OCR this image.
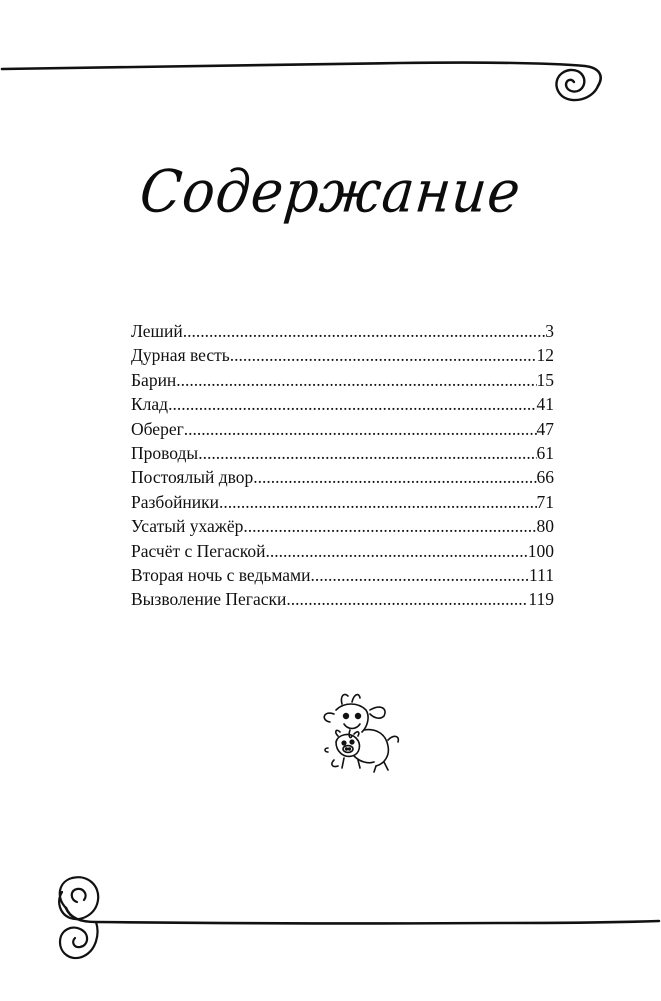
Содержание
Леший .....	3
Дурная весть .....	12
Барин .....	15
Клад .....	41
Оберег .....	47
Проводы .....	61
Постоялый двор .....	66
Разбойники .....	71
Усатый ухажёр .....	80
Расчёт с Пегаской .....	100
Вторая ночь с ведьмами .....	111
Вызволение Пегаски .....	119
